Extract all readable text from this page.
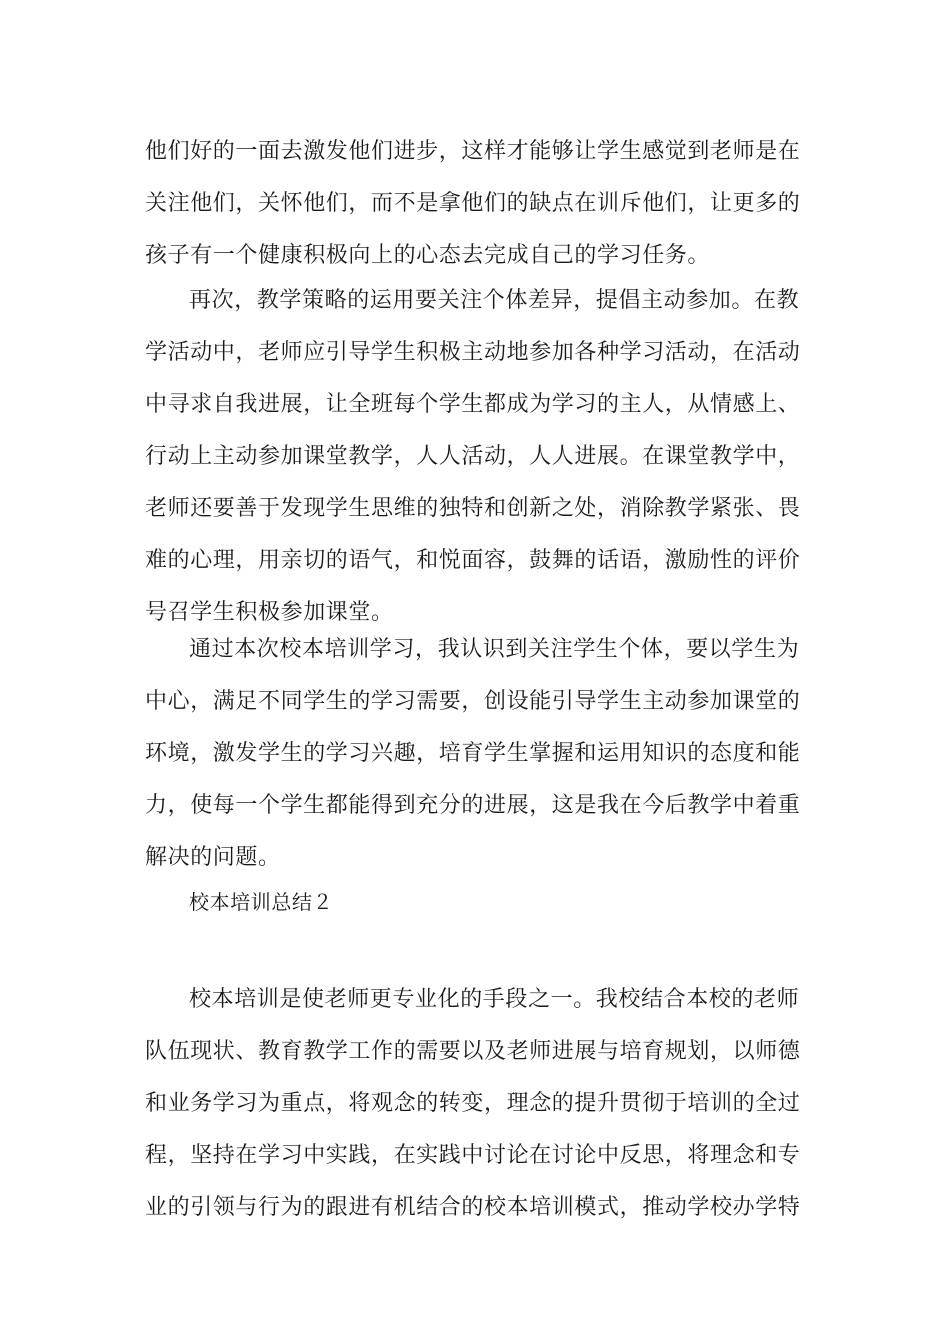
他们好的一面去激发他们进步，这样才能够让学生感觉到老师是在
关注他们，关怀他们，而不是拿他们的缺点在训斥他们，让更多的
孩子有一个健康积极向上的心态去完成自己的学习任务。
再次，教学策略的运用要关注个体差异，提倡主动参加。在教
学活动中，老师应引导学生积极主动地参加各种学习活动，在活动
中寻求自我进展，让全班每个学生都成为学习的主人，从情感上、
行动上主动参加课堂教学，人人活动，人人进展。在课堂教学中，
老师还要善于发现学生思维的独特和创新之处，消除教学紧张、畏
难的心理，用亲切的语气，和悦面容，鼓舞的话语，激励性的评价
号召学生积极参加课堂。
通过本次校本培训学习，我认识到关注学生个体，要以学生为
中心，满足不同学生的学习需要，创设能引导学生主动参加课堂的
环境，激发学生的学习兴趣，培育学生掌握和运用知识的态度和能
力，使每一个学生都能得到充分的进展，这是我在今后教学中着重
解决的问题。
校本培训总结２
校本培训是使老师更专业化的手段之一。我校结合本校的老师
队伍现状、教育教学工作的需要以及老师进展与培育规划，以师德
和业务学习为重点，将观念的转变，理念的提升贯彻于培训的全过
程，坚持在学习中实践，在实践中讨论在讨论中反思，将理念和专
业的引领与行为的跟进有机结合的校本培训模式，推动学校办学特
